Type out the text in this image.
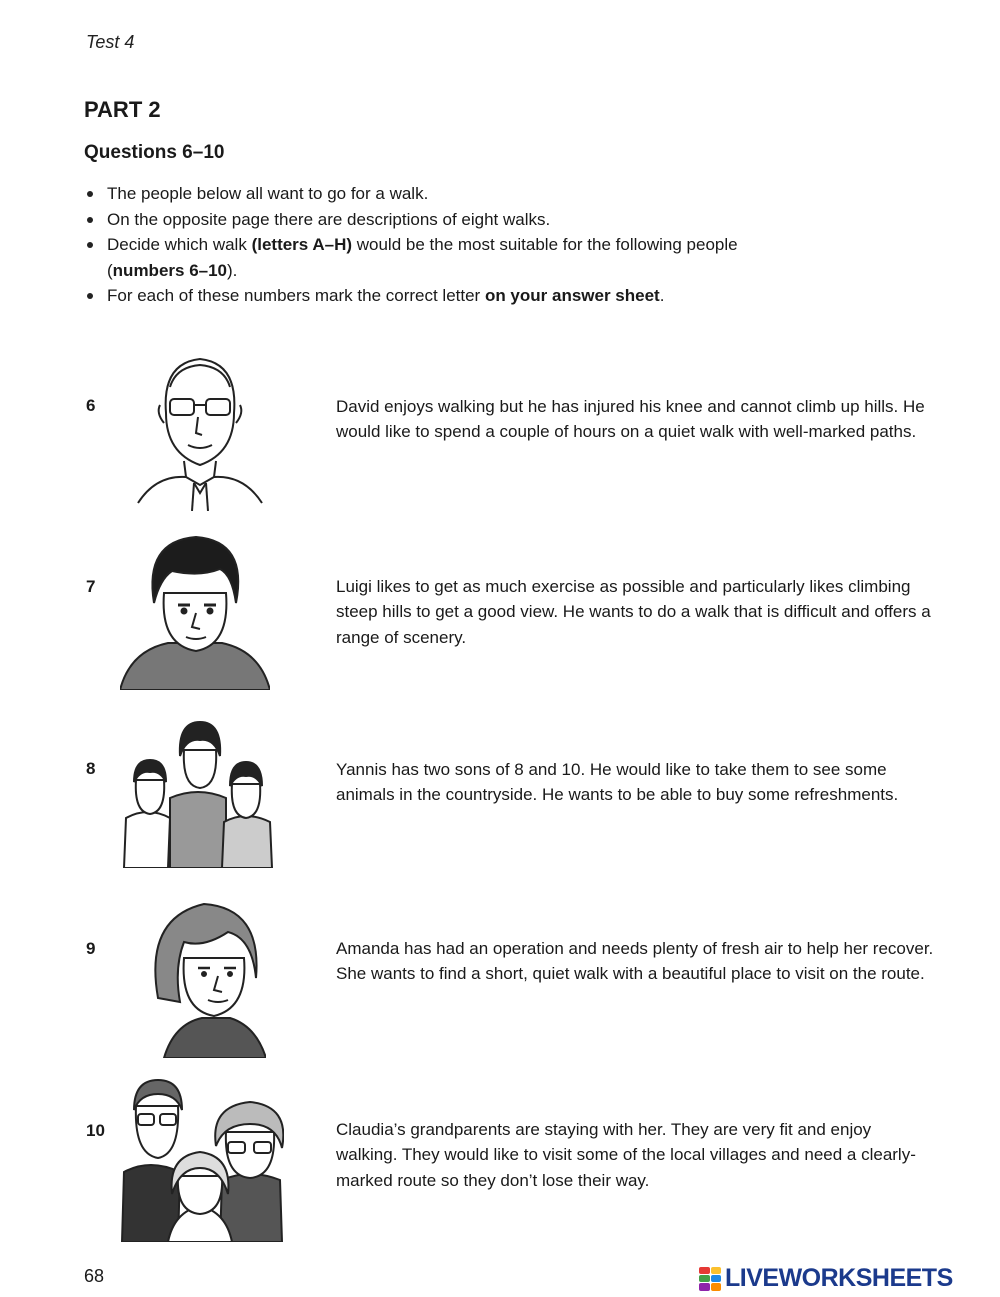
Test 4
PART 2
Questions 6–10
The people below all want to go for a walk.
On the opposite page there are descriptions of eight walks.
Decide which walk (letters A–H) would be the most suitable for the following people (numbers 6–10).
For each of these numbers mark the correct letter on your answer sheet.
6	David enjoys walking but he has injured his knee and cannot climb up hills. He would like to spend a couple of hours on a quiet walk with well-marked paths.

7	Luigi likes to get as much exercise as possible and particularly likes climbing steep hills to get a good view. He wants to do a walk that is difficult and offers a range of scenery.

8	Yannis has two sons of 8 and 10. He would like to take them to see some animals in the countryside. He wants to be able to buy some refreshments.

9	Amanda has had an operation and needs plenty of fresh air to help her recover. She wants to find a short, quiet walk with a beautiful place to visit on the route.

10	Claudia’s grandparents are staying with her. They are very fit and enjoy walking. They would like to visit some of the local villages and need a clearly-marked route so they don’t lose their way.

68	LIVEWORKSHEETS
